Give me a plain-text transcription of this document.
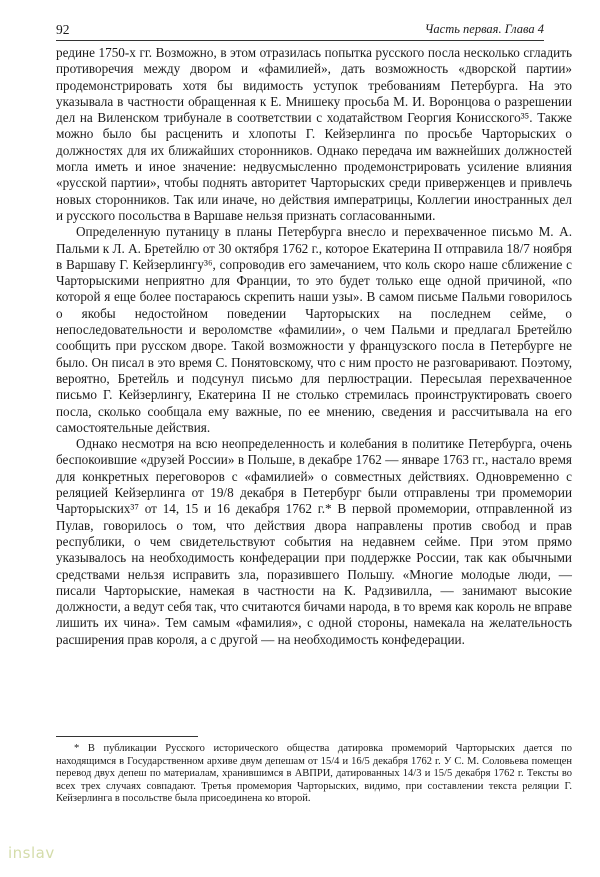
92	Часть первая. Глава 4

редине 1750-х гг. Возможно, в этом отразилась попытка русского посла несколько сгладить противоречия между двором и «фамилией», дать возможность «дворской партии» продемонстрировать хотя бы видимость уступок требованиям Петербурга. На это указывала в частности обращенная к Е. Мнишеку просьба М. И. Воронцова о разрешении дел на Виленском трибунале в соответствии с ходатайством Георгия Конисского³⁵. Также можно было бы расценить и хлопоты Г. Кейзерлинга по просьбе Чарторыских о должностях для их ближайших сторонников. Однако передача им важнейших должностей могла иметь и иное значение: недвусмысленно продемонстрировать усиление влияния «русской партии», чтобы поднять авторитет Чарторыских среди приверженцев и привлечь новых сторонников. Так или иначе, но действия императрицы, Коллегии иностранных дел и русского посольства в Варшаве нельзя признать согласованными.

Определенную путаницу в планы Петербурга внесло и перехваченное письмо М. А. Пальми к Л. А. Бретейлю от 30 октября 1762 г., которое Екатерина II отправила 18/7 ноября в Варшаву Г. Кейзерлингу³⁶, сопроводив его замечанием, что коль скоро наше сближение с Чарторыскими неприятно для Франции, то это будет только еще одной причиной, «по которой я еще более постараюсь скрепить наши узы». В самом письме Пальми говорилось о якобы недостойном поведении Чарторыских на последнем сейме, о непоследовательности и вероломстве «фамилии», о чем Пальми и предлагал Бретейлю сообщить при русском дворе. Такой возможности у французского посла в Петербурге не было. Он писал в это время С. Понятовскому, что с ним просто не разговаривают. Поэтому, вероятно, Бретейль и подсунул письмо для перлюстрации. Пересылая перехваченное письмо Г. Кейзерлингу, Екатерина II не столько стремилась проинструктировать своего посла, сколько сообщала ему важные, по ее мнению, сведения и рассчитывала на его самостоятельные действия.

Однако несмотря на всю неопределенность и колебания в политике Петербурга, очень беспокоившие «друзей России» в Польше, в декабре 1762 — январе 1763 гг., настало время для конкретных переговоров с «фамилией» о совместных действиях. Одновременно с реляцией Кейзерлинга от 19/8 декабря в Петербург были отправлены три промемории Чарторыских³⁷ от 14, 15 и 16 декабря 1762 г.* В первой промемории, отправленной из Пулав, говорилось о том, что действия двора направлены против свобод и прав республики, о чем свидетельствуют события на недавнем сейме. При этом прямо указывалось на необходимость конфедерации при поддержке России, так как обычными средствами нельзя исправить зла, поразившего Польшу. «Многие молодые люди, — писали Чарторыские, намекая в частности на К. Радзивилла, — занимают высокие должности, а ведут себя так, что считаются бичами народа, в то время как король не вправе лишить их чина». Тем самым «фамилия», с одной стороны, намекала на желательность расширения прав короля, а с другой — на необходимость конфедерации.

* В публикации Русского исторического общества датировка промеморий Чарторыских дается по находящимся в Государственном архиве двум депешам от 15/4 и 16/5 декабря 1762 г. У С. М. Соловьева помещен перевод двух депеш по материалам, хранившимся в АВПРИ, датированных 14/3 и 15/5 декабря 1762 г. Тексты во всех трех случаях совпадают. Третья промемория Чарторыских, видимо, при составлении текста реляции Г. Кейзерлинга в посольстве была присоединена ко второй.

inslav
